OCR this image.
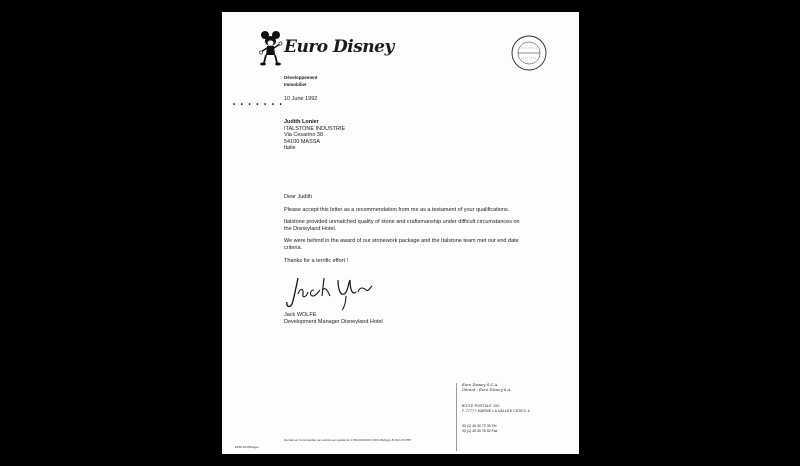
Euro Disney
Développement
Immobilier
• • • • • • •
10 June 1992
Judith Lonier
ITALSTONE INDUSTRIE
Via Cesarino 38
54100 MASSA
Italie

Dear Judith

Please accept this letter as a recommendation from me as a testament of your qualifications.

Italstone provided unmatched quality of stone and craftsmanship under difficult circumstances on the Disneyland Hotel.

We were behind in the award of our stonework package and the Italstone team met our end date criteria.

Thanks for a terrific effort !

Jack WOLFE
Development Manager Disneyland Hotel
Euro Disney S.C.A.
Gérant : Euro Disney S.A.
BOITE POSTALE 100
F-77777 MARNE LA VALLEE CEDEX 4
33 (1) 49 30 73 39 Tél
33 (1) 49 30 76 92 Fax
Société en Commandite par actions au capital de 1.700.000.000 F RCS Bobigny B 334 173 887
EDSD 90 Millimages
